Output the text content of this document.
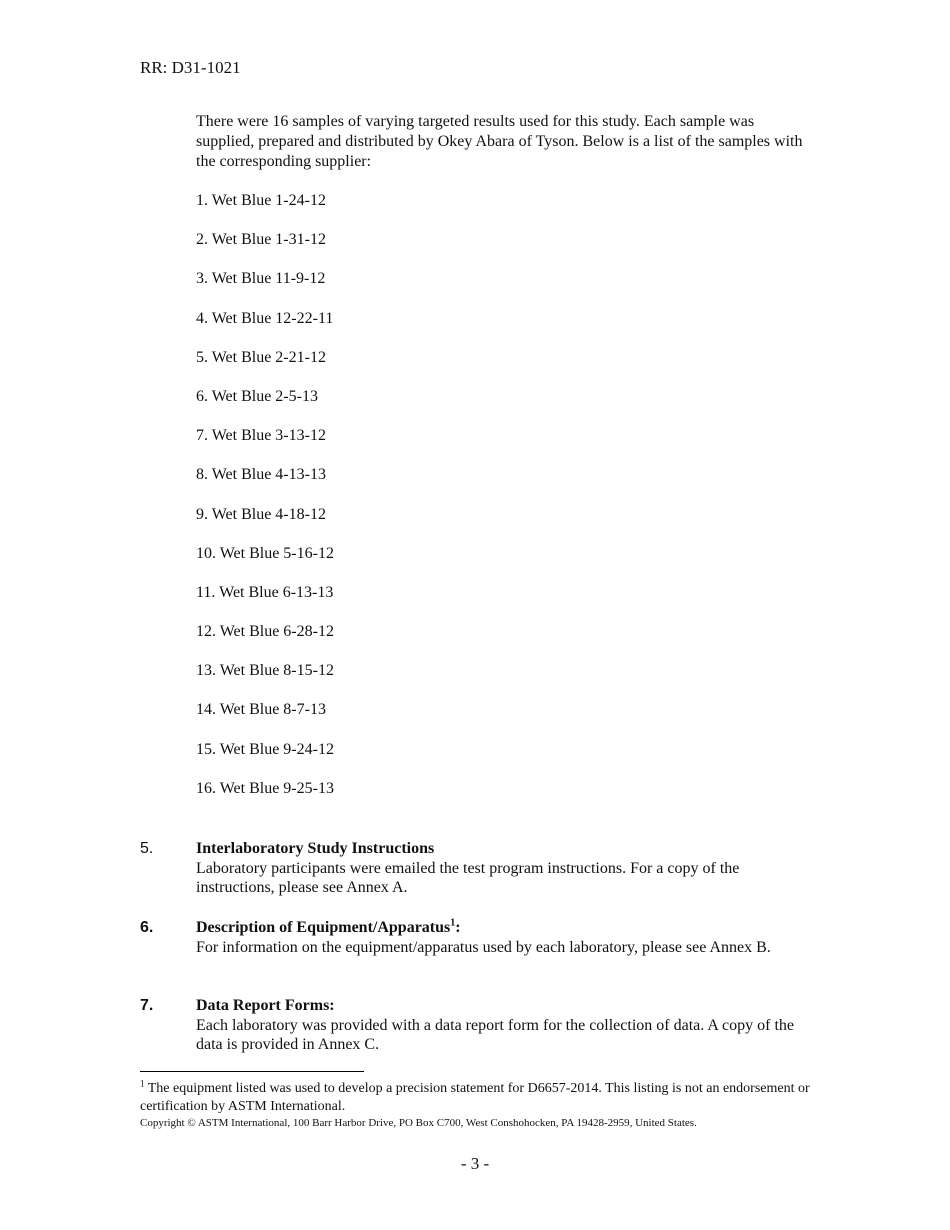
RR: D31-1021
There were 16 samples of varying targeted results used for this study. Each sample was supplied, prepared and distributed by Okey Abara of Tyson. Below is a list of the samples with the corresponding supplier:
1. Wet Blue 1-24-12
2. Wet Blue 1-31-12
3. Wet Blue 11-9-12
4. Wet Blue 12-22-11
5. Wet Blue 2-21-12
6. Wet Blue 2-5-13
7. Wet Blue 3-13-12
8. Wet Blue 4-13-13
9. Wet Blue 4-18-12
10. Wet Blue 5-16-12
11. Wet Blue 6-13-13
12. Wet Blue 6-28-12
13. Wet Blue 8-15-12
14. Wet Blue 8-7-13
15. Wet Blue 9-24-12
16. Wet Blue 9-25-13
5.	Interlaboratory Study Instructions
Laboratory participants were emailed the test program instructions. For a copy of the instructions, please see Annex A.
6.	Description of Equipment/Apparatus$^1$:
For information on the equipment/apparatus used by each laboratory, please see Annex B.
7.	Data Report Forms:
Each laboratory was provided with a data report form for the collection of data. A copy of the data is provided in Annex C.
$^1$ The equipment listed was used to develop a precision statement for D6657-2014. This listing is not an endorsement or certification by ASTM International.
Copyright © ASTM International, 100 Barr Harbor Drive, PO Box C700, West Conshohocken, PA 19428-2959, United States.
- 3 -
